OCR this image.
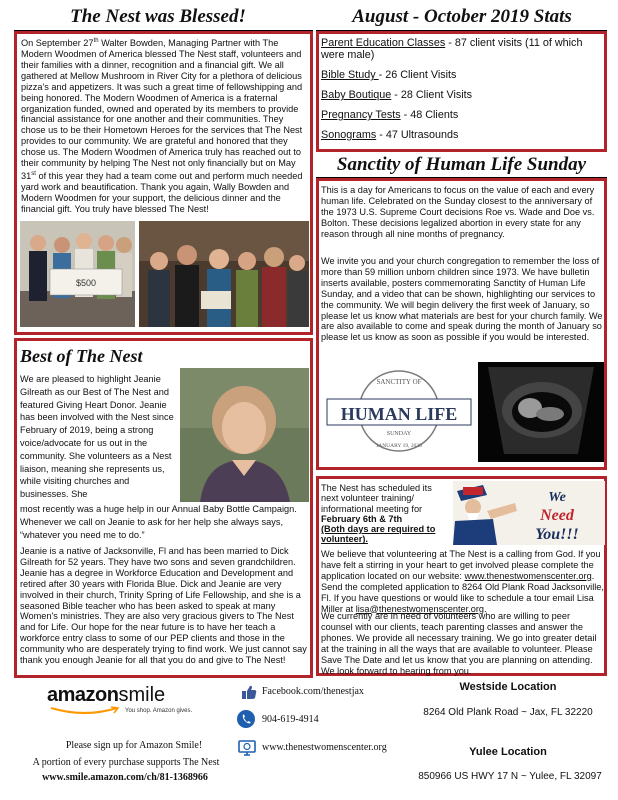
The Nest was Blessed!
On September 27th Walter Bowden, Managing Partner with The Modern Woodmen of America blessed The Nest staff, volunteers and their families with a dinner, recognition and a financial gift. We all gathered at Mellow Mushroom in River City for a plethora of delicious pizza's and appetizers. It was such a great time of fellowshipping and being honored. The Modern Woodmen of America is a fraternal organization funded, owned and operated by its members to provide financial assistance for one another and their communities. They chose us to be their Hometown Heroes for the services that The Nest provides to our community. We are grateful and honored that they chose us. The Modern Woodmen of America truly has reached out to their community by helping The Nest not only financially but on May 31st of this year they had a team come out and perform much needed yard work and beautification. Thank you again, Wally Bowden and Modern Woodmen for your support, the delicious dinner and the financial gift. You truly have blessed The Nest!
$500
August - October 2019 Stats
Parent Education Classes - 87 client visits (11 of which
were male)
Bible Study - 26 Client Visits
Baby Boutique - 28 Client Visits
Pregnancy Tests - 48 Clients
Sonograms - 47 Ultrasounds
Sanctity of Human Life Sunday
This is a day for Americans to focus on the value of each and every human life. Celebrated on the Sunday closest to the anniversary of the 1973 U.S. Supreme Court decisions Roe vs. Wade and Doe vs. Bolton. These decisions legalized abortion in every state for any reason through all nine months of pregnancy.
We invite you and your church congregation to remember the loss of more than 59 million unborn children since 1973. We have bulletin inserts available, posters commemorating Sanctity of Human Life Sunday, and a video that can be shown, highlighting our services to the community. We will begin delivery the first week of January, so please let us know what materials are best for your church family. We are also available to come and speak during the month of January so please let us know as soon as possible if you would be interested.
SANCTITY OF
HUMAN LIFE
SUNDAY
JANUARY 19, 2020
The Nest has scheduled its next volunteer training/ informational meeting for
February 6th & 7th
(Both days are required to volunteer).
We
Need
You!!!
We believe that volunteering at The Nest is a calling from God. If you have felt a stirring in your heart to get involved please complete the application located on our website: www.thenestwomenscenter.org. Send the completed application to 8264 Old Plank Road Jacksonville, Fl. If you have questions or would like to schedule a tour email Lisa Miller at lisa@thenestwomenscenter.org.
We currently are in need of volunteers who are willing to peer counsel with our clients, teach parenting classes and answer the phones. We provide all necessary training. We go into greater detail at the training in all the ways that are available to volunteer. Please Save The Date and let us know that you are planning on attending. We look forward to hearing from you.
Best of The Nest
We are pleased to highlight Jeanie Gilreath as our Best of The Nest and featured Giving Heart Donor. Jeanie has been involved with the Nest since February of 2019, being a strong voice/advocate for us out in the community. She volunteers as a Nest liaison, meaning she represents us, while visiting churches and businesses. She
most recently was a huge help in our Annual Baby Bottle Campaign. Whenever we call on Jeanie to ask for her help she always says, “whatever you need me to do.”
Jeanie is a native of Jacksonville, Fl and has been married to Dick Gilreath for 52 years. They have two sons and seven grandchildren. Jeanie has a degree in Workforce Education and Development and retired after 30 years with Florida Blue. Dick and Jeanie are very involved in their church, Trinity Spring of Life Fellowship, and she is a seasoned Bible teacher who has been asked to speak at many Women's ministries. They are also very gracious givers to The Nest and for Life. Our hope for the near future is to have her teach a workforce entry class to some of our PEP clients and those in the community who are desperately trying to find work. We just cannot say thank you enough Jeanie for all that you do and give to The Nest!
amazonsmile
You shop. Amazon gives.
Please sign up for Amazon Smile!
A portion of every purchase supports The Nest
www.smile.amazon.com/ch/81-1368966
Facebook.com/thenestjax
904-619-4914
www.thenestwomenscenter.org
Westside Location
8264 Old Plank Road ~ Jax, FL 32220
Yulee Location
850966 US HWY 17 N ~ Yulee, FL 32097
